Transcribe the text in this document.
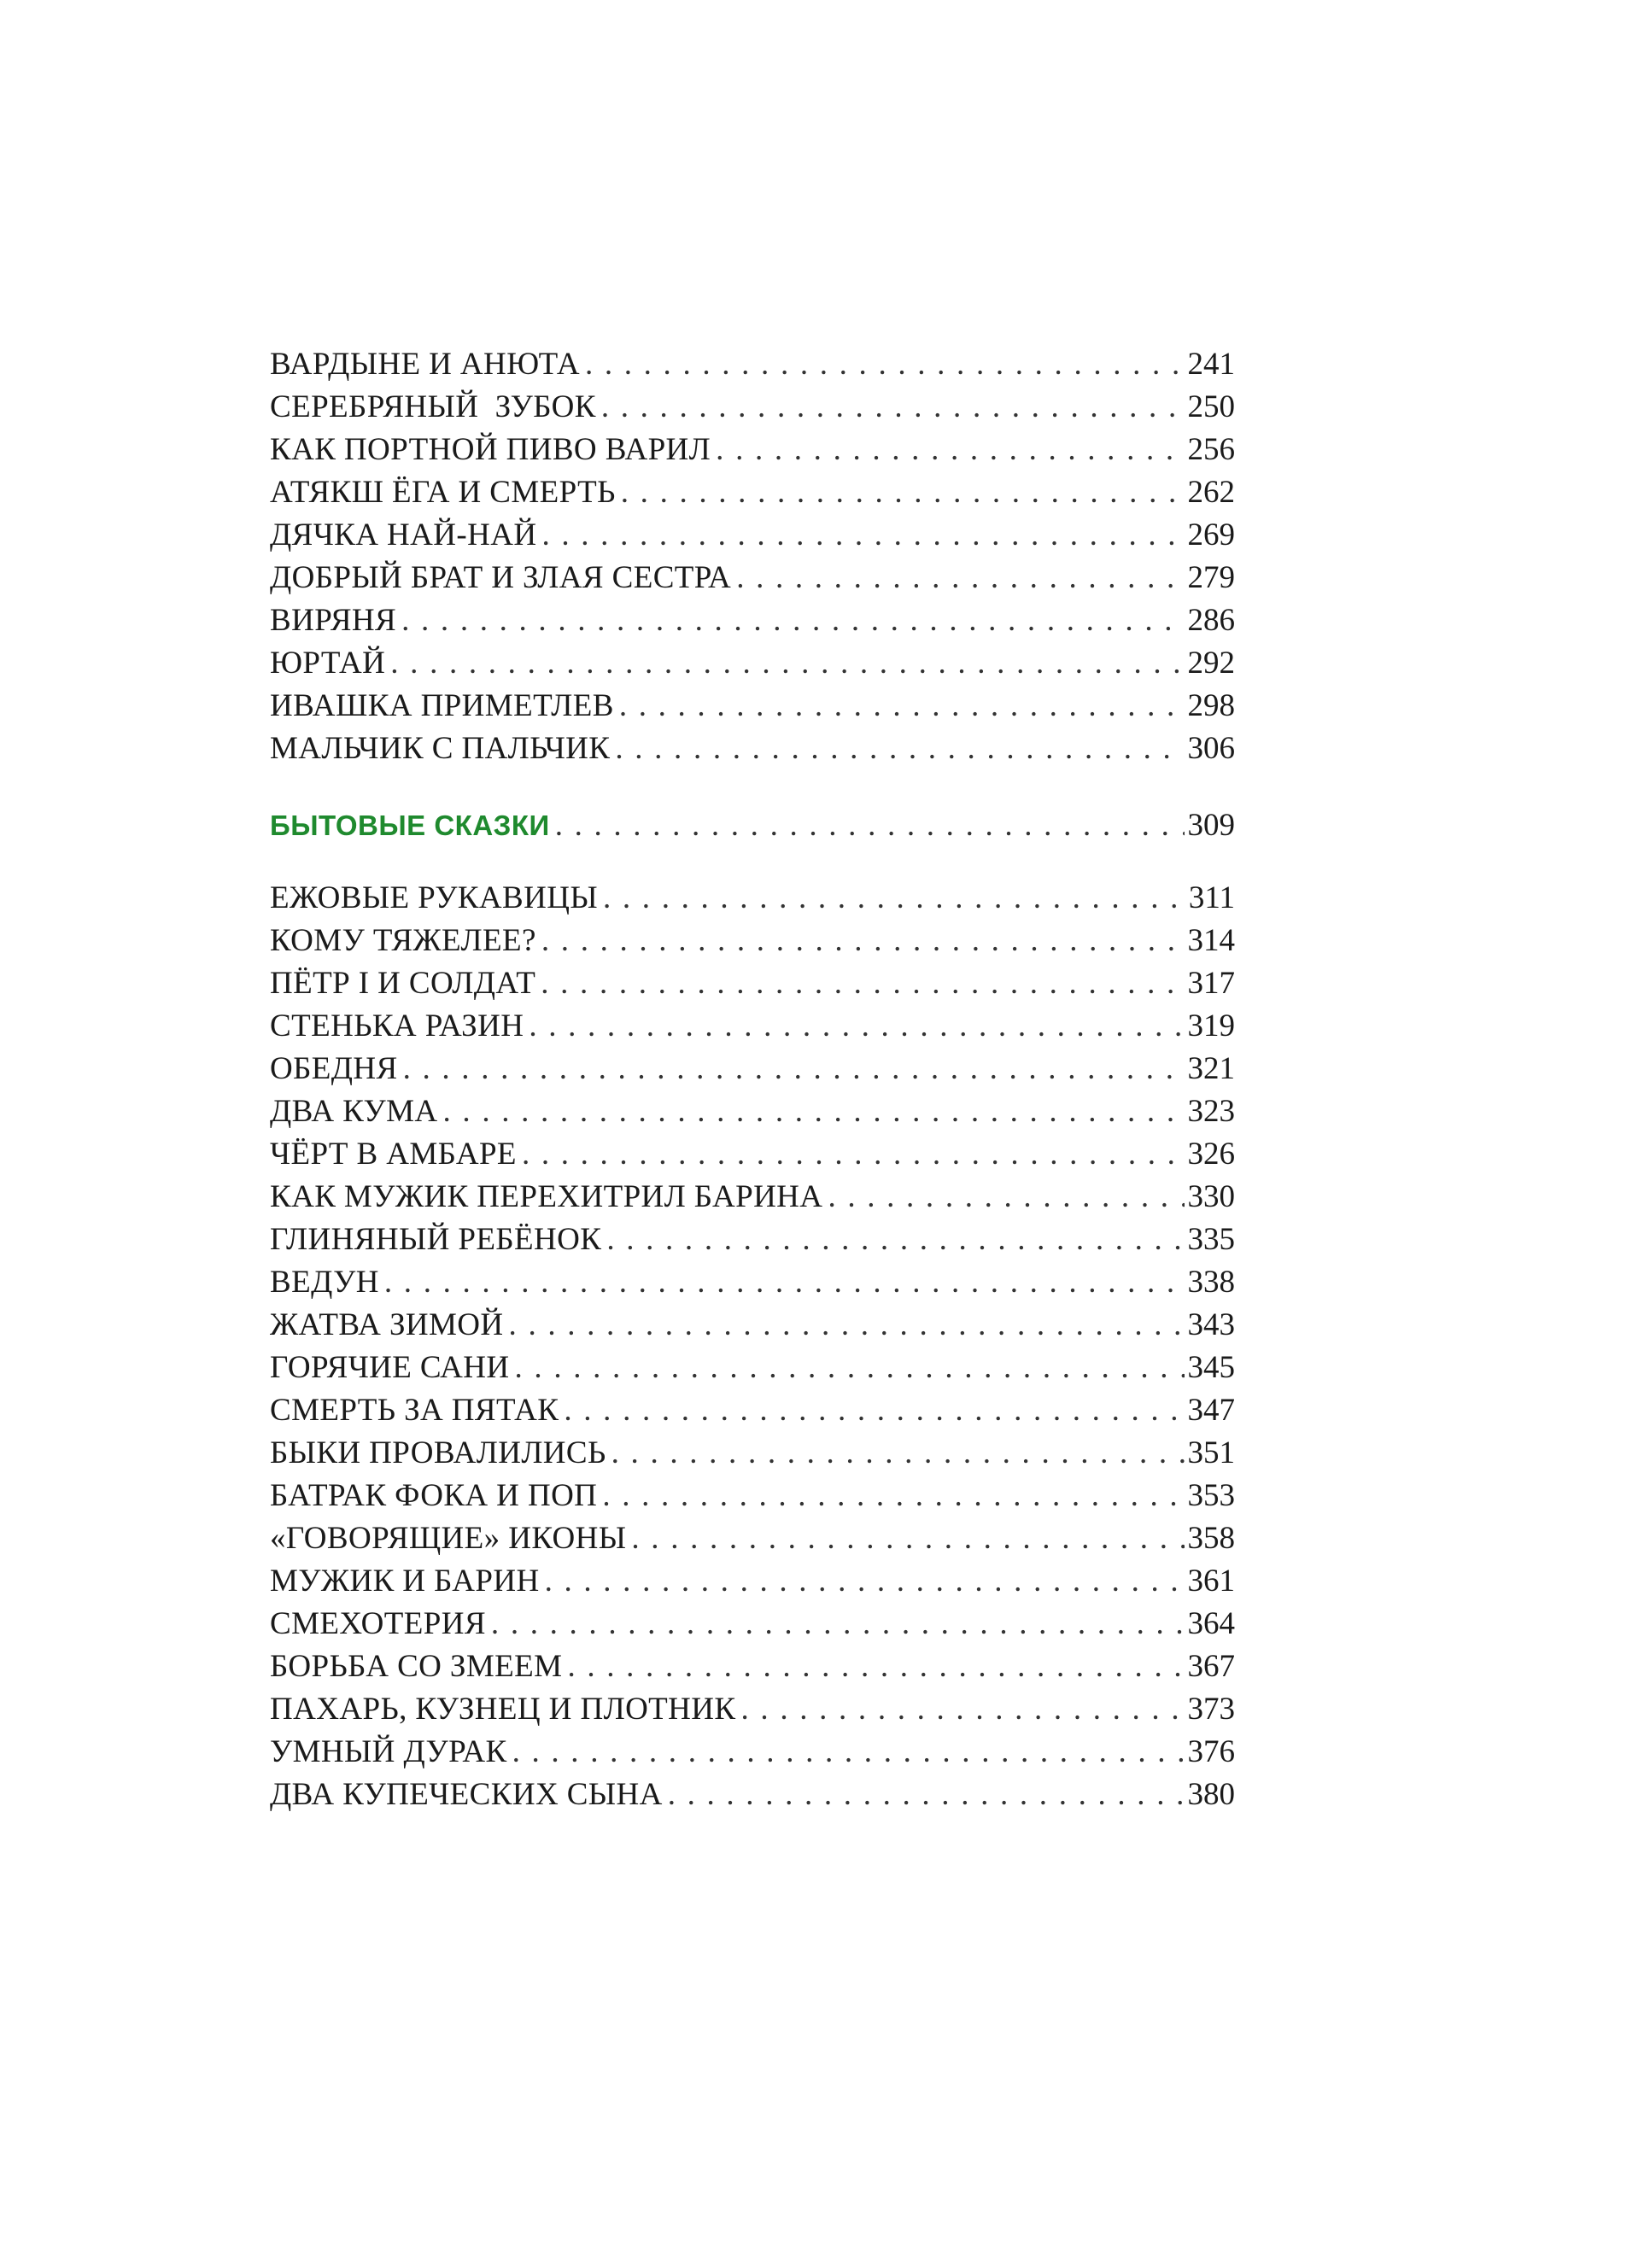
ВАРДЫНЕ И АНЮТА . . .	241
СЕРЕБРЯНЫЙ  ЗУБОК . . .	250
КАК ПОРТНОЙ ПИВО ВАРИЛ . . .	256
АТЯКШ ЁГА И СМЕРТЬ . . .	262
ДЯЧКА НАЙ-НАЙ . . .	269
ДОБРЫЙ БРАТ И ЗЛАЯ СЕСТРА . . .	279
ВИРЯНЯ . . .	286
ЮРТАЙ . . .	292
ИВАШКА ПРИМЕТЛЕВ . . .	298
МАЛЬЧИК С ПАЛЬЧИК . . .	306
БЫТОВЫЕ СКАЗКИ . . .	309
ЕЖОВЫЕ РУКАВИЦЫ . . .	311
КОМУ ТЯЖЕЛЕЕ? . . .	314
ПЁТР I И СОЛДАТ . . .	317
СТЕНЬКА РАЗИН . . .	319
ОБЕДНЯ . . .	321
ДВА КУМА . . .	323
ЧЁРТ В АМБАРЕ . . .	326
КАК МУЖИК ПЕРЕХИТРИЛ БАРИНА . . .	330
ГЛИНЯНЫЙ РЕБЁНОК . . .	335
ВЕДУН . . .	338
ЖАТВА ЗИМОЙ . . .	343
ГОРЯЧИЕ САНИ . . .	345
СМЕРТЬ ЗА ПЯТАК . . .	347
БЫКИ ПРОВАЛИЛИСЬ . . .	351
БАТРАК ФОКА И ПОП . . .	353
«ГОВОРЯЩИЕ» ИКОНЫ . . .	358
МУЖИК И БАРИН . . .	361
СМЕХОТЕРИЯ . . .	364
БОРЬБА СО ЗМЕЕМ . . .	367
ПАХАРЬ, КУЗНЕЦ И ПЛОТНИК . . .	373
УМНЫЙ ДУРАК . . .	376
ДВА КУПЕЧЕСКИХ СЫНА . . .	380
